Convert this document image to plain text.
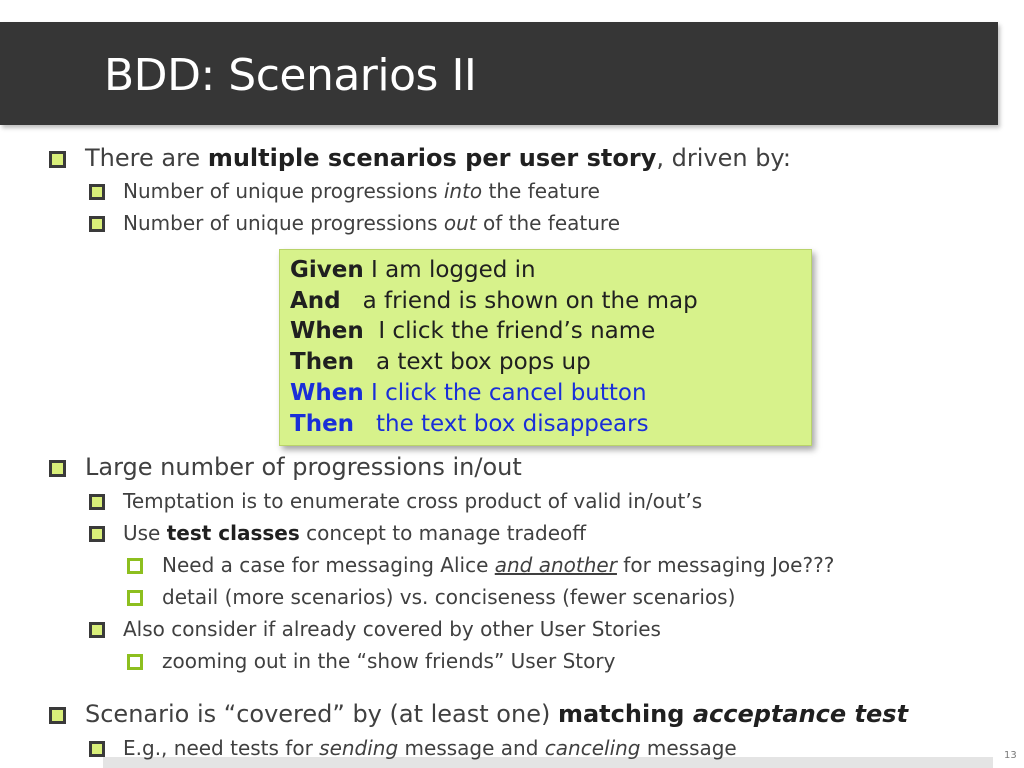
BDD: Scenarios II
There are multiple scenarios per user story, driven by:
Number of unique progressions into the feature
Number of unique progressions out of the feature
Given I am logged in
And   a friend is shown on the map
When  I click the friend’s name
Then   a text box pops up
When I click the cancel button
Then   the text box disappears
Large number of progressions in/out
Temptation is to enumerate cross product of valid in/out’s
Use test classes concept to manage tradeoff
Need a case for messaging Alice and another for messaging Joe???
detail (more scenarios) vs. conciseness (fewer scenarios)
Also consider if already covered by other User Stories
zooming out in the “show friends” User Story
Scenario is “covered” by (at least one) matching acceptance test
E.g., need tests for sending message and canceling message	13
